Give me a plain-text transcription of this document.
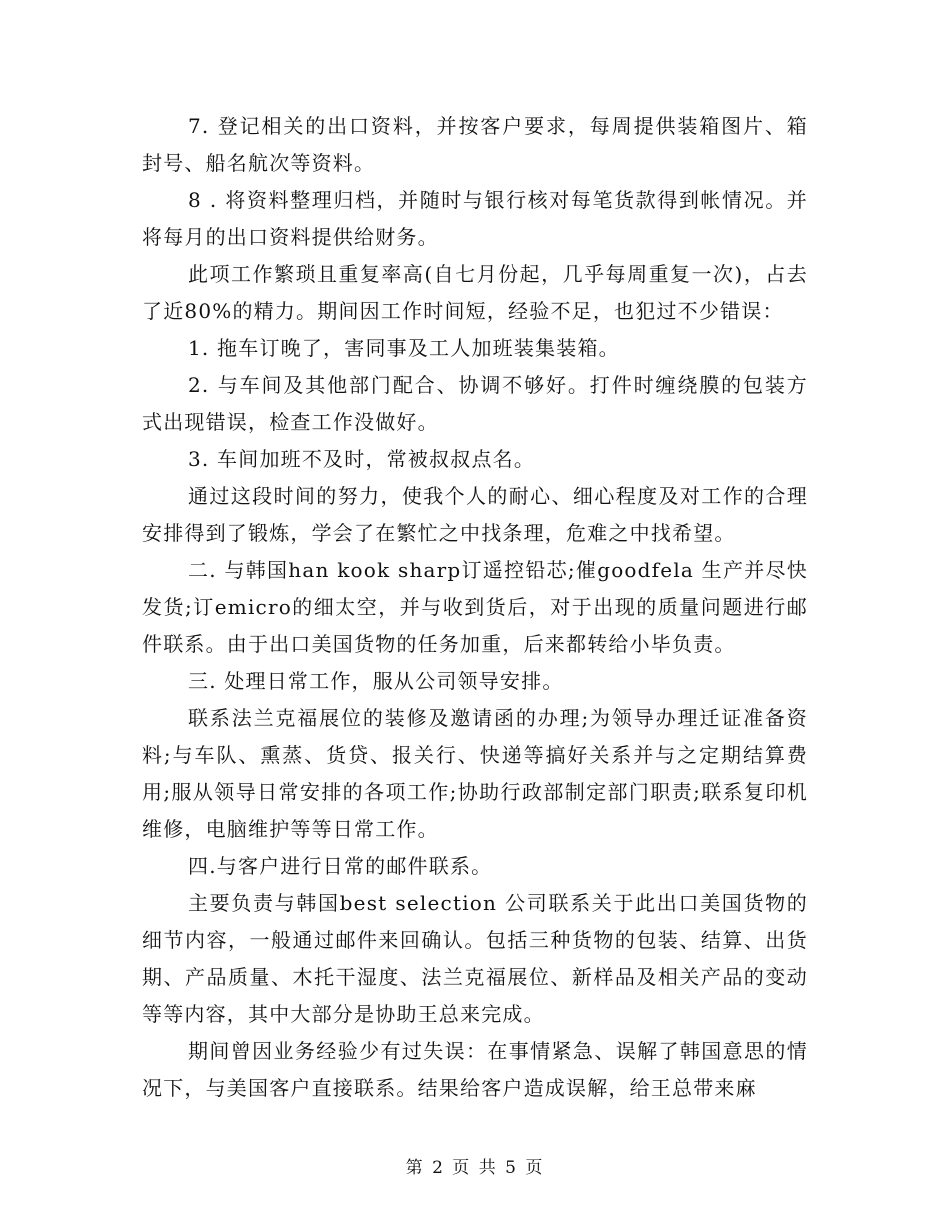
7. 登记相关的出口资料，并按客户要求，每周提供装箱图片、箱封号、船名航次等资料。

8 . 将资料整理归档，并随时与银行核对每笔货款得到帐情况。并将每月的出口资料提供给财务。

此项工作繁琐且重复率高(自七月份起，几乎每周重复一次)，占去了近80%的精力。期间因工作时间短，经验不足，也犯过不少错误：

1. 拖车订晚了，害同事及工人加班装集装箱。

2. 与车间及其他部门配合、协调不够好。打件时缠绕膜的包装方式出现错误，检查工作没做好。

3. 车间加班不及时，常被叔叔点名。

通过这段时间的努力，使我个人的耐心、细心程度及对工作的合理安排得到了锻炼，学会了在繁忙之中找条理，危难之中找希望。

二. 与韩国han kook sharp订遥控铅芯;催goodfela 生产并尽快发货;订emicro的细太空，并与收到货后，对于出现的质量问题进行邮件联系。由于出口美国货物的任务加重，后来都转给小毕负责。

三. 处理日常工作，服从公司领导安排。

联系法兰克福展位的装修及邀请函的办理;为领导办理迁证准备资料;与车队、熏蒸、货贷、报关行、快递等搞好关系并与之定期结算费用;服从领导日常安排的各项工作;协助行政部制定部门职责;联系复印机维修，电脑维护等等日常工作。

四.与客户进行日常的邮件联系。

主要负责与韩国best selection 公司联系关于此出口美国货物的细节内容，一般通过邮件来回确认。包括三种货物的包装、结算、出货期、产品质量、木托干湿度、法兰克福展位、新样品及相关产品的变动等等内容，其中大部分是协助王总来完成。

期间曾因业务经验少有过失误：在事情紧急、误解了韩国意思的情况下，与美国客户直接联系。结果给客户造成误解，给王总带来麻

第 2 页 共 5 页
